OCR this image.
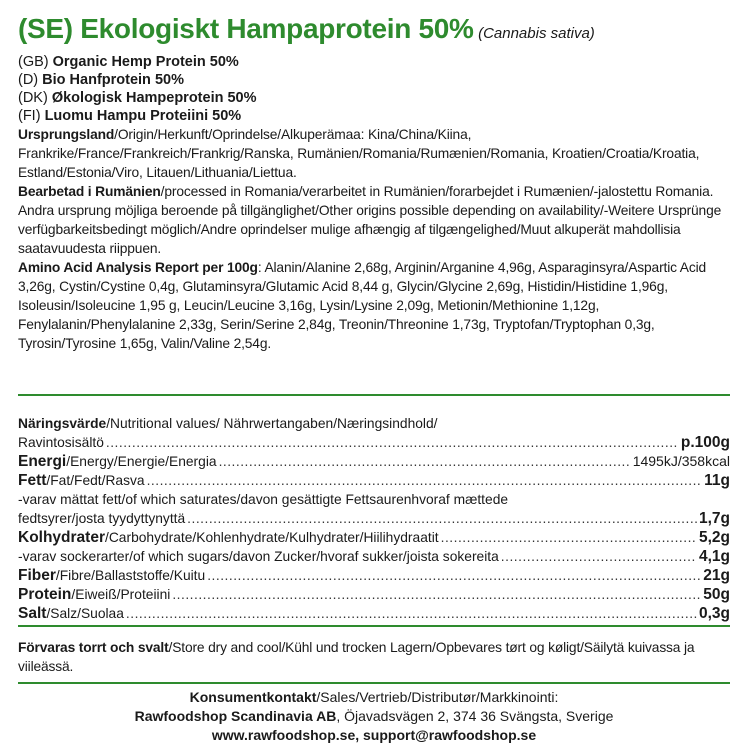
(SE) Ekologiskt Hampaprotein 50% (Cannabis sativa)
(GB) Organic Hemp Protein 50%
(D) Bio Hanfprotein 50%
(DK) Økologisk Hampeprotein 50%
(FI) Luomu Hampu Proteiini 50%
Ursprungsland/Origin/Herkunft/Oprindelse/Alkuperämaa: Kina/China/Kiina, Frankrike/France/Frankreich/Frankrig/Ranska, Rumänien/Romania/Rumænien/Romania, Kroatien/Croatia/Kroatia, Estland/Estonia/Viro, Litauen/Lithuania/Liettua.
Bearbetad i Rumänien/processed in Romania/verarbeitet in Rumänien/forarbejdet i Rumænien/-jalostettu Romania.
Andra ursprung möjliga beroende på tillgänglighet/Other origins possible depending on availability/-Weitere Ursprünge verfügbarkeitsbedingt möglich/Andre oprindelser mulige afhængig af tilgængelighed/Muut alkuperät mahdollisia saatavuudesta riippuen.
Amino Acid Analysis Report per 100g: Alanin/Alanine 2,68g, Arginin/Arganine 4,96g, Asparaginsyra/Aspartic Acid 3,26g, Cystin/Cystine 0,4g, Glutaminsyra/Glutamic Acid 8,44 g, Glycin/Glycine 2,69g, Histidin/Histidine 1,96g, Isoleusin/Isoleucine 1,95 g, Leucin/Leucine 3,16g, Lysin/Lysine 2,09g, Metionin/Methionine 1,12g, Fenylalanin/Phenylalanine 2,33g, Serin/Serine 2,84g, Treonin/Threonine 1,73g, Tryptofan/Tryptophan 0,3g, Tyrosin/Tyrosine 1,65g, Valin/Valine 2,54g.
Näringsvärde/Nutritional values/ Nährwertangaben/Næringsindhold/
Ravintosisältö .....	p.100g
Energi/Energy/Energie/Energia .....	1495kJ/358kcal
Fett/Fat/Fedt/Rasva .....	11g
-varav mättat fett/of which saturates/davon gesättigte Fettsaurenhvoraf mættede
fedtsyrer/josta tyydyttynyttä .....	1,7g
Kolhydrater/Carbohydrate/Kohlenhydrate/Kulhydrater/Hiilihydraatit .....	5,2g
-varav sockerarter/of which sugars/davon Zucker/hvoraf sukker/joista sokereita .....	4,1g
Fiber/Fibre/Ballaststoffe/Kuitu .....	21g
Protein/Eiweiß/Proteiini .....	50g
Salt/Salz/Suolaa .....	0,3g
Förvaras torrt och svalt/Store dry and cool/Kühl und trocken Lagern/Opbevares tørt og køligt/Säilytä kuivassa ja viileässä.
Konsumentkontakt/Sales/Vertrieb/Distributør/Markkinointi:
Rawfoodshop Scandinavia AB, Öjavadsvägen 2, 374 36 Svängsta, Sverige
www.rawfoodshop.se, support@rawfoodshop.se
